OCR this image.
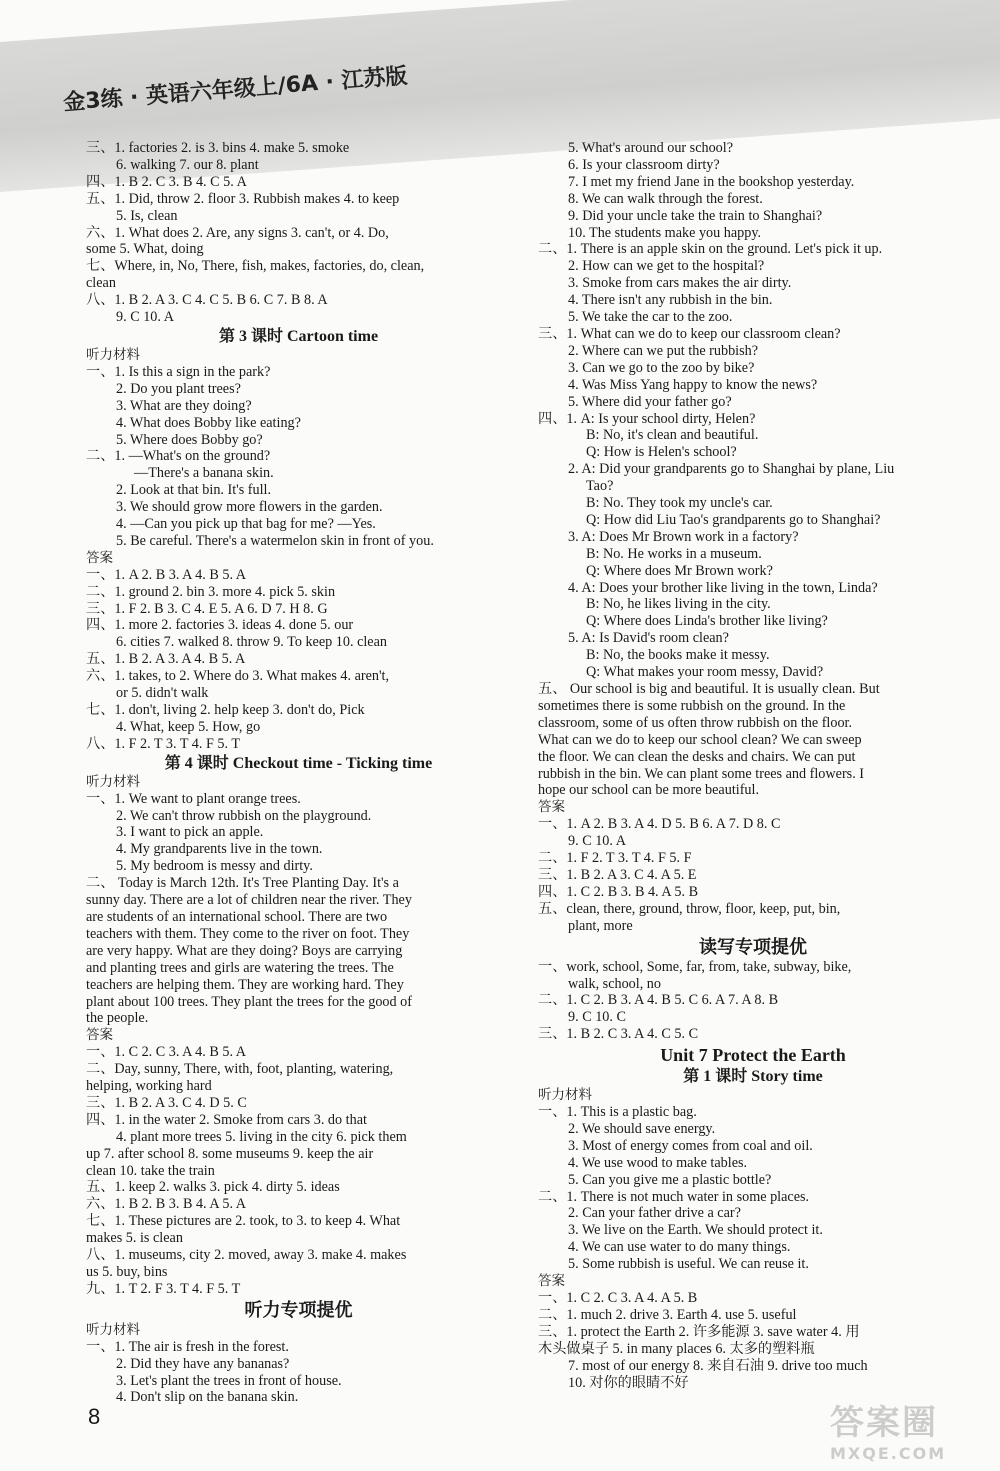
金3练 · 英语六年级上/6A · 江苏版
三、1. factories 2. is 3. bins 4. make 5. smoke
6. walking 7. our 8. plant
四、1. B 2. C 3. B 4. C 5. A
五、1. Did, throw 2. floor 3. Rubbish makes 4. to keep
5. Is, clean
六、1. What does 2. Are, any signs 3. can't, or 4. Do,
some 5. What, doing
七、Where, in, No, There, fish, makes, factories, do, clean,
clean
八、1. B 2. A 3. C 4. C 5. B 6. C 7. B 8. A
9. C 10. A
第 3 课时 Cartoon time
听力材料
一、1. Is this a sign in the park?
2. Do you plant trees?
3. What are they doing?
4. What does Bobby like eating?
5. Where does Bobby go?
二、1. —What's on the ground?
—There's a banana skin.
2. Look at that bin. It's full.
3. We should grow more flowers in the garden.
4. —Can you pick up that bag for me? —Yes.
5. Be careful. There's a watermelon skin in front of you.
答案
一、1. A 2. B 3. A 4. B 5. A
二、1. ground 2. bin 3. more 4. pick 5. skin
三、1. F 2. B 3. C 4. E 5. A 6. D 7. H 8. G
四、1. more 2. factories 3. ideas 4. done 5. our
6. cities 7. walked 8. throw 9. To keep 10. clean
五、1. B 2. A 3. A 4. B 5. A
六、1. takes, to 2. Where do 3. What makes 4. aren't,
or 5. didn't walk
七、1. don't, living 2. help keep 3. don't do, Pick
4. What, keep 5. How, go
八、1. F 2. T 3. T 4. F 5. T
第 4 课时 Checkout time - Ticking time
听力材料
一、1. We want to plant orange trees.
2. We can't throw rubbish on the playground.
3. I want to pick an apple.
4. My grandparents live in the town.
5. My bedroom is messy and dirty.
二、 Today is March 12th. It's Tree Planting Day. It's a
sunny day. There are a lot of children near the river. They
are students of an international school. There are two
teachers with them. They come to the river on foot. They
are very happy. What are they doing? Boys are carrying
and planting trees and girls are watering the trees. The
teachers are helping them. They are working hard. They
plant about 100 trees. They plant the trees for the good of
the people.
答案
一、1. C 2. C 3. A 4. B 5. A
二、Day, sunny, There, with, foot, planting, watering,
helping, working hard
三、1. B 2. A 3. C 4. D 5. C
四、1. in the water 2. Smoke from cars 3. do that
4. plant more trees 5. living in the city 6. pick them
up 7. after school 8. some museums 9. keep the air
clean 10. take the train
五、1. keep 2. walks 3. pick 4. dirty 5. ideas
六、1. B 2. B 3. B 4. A 5. A
七、1. These pictures are 2. took, to 3. to keep 4. What
makes 5. is clean
八、1. museums, city 2. moved, away 3. make 4. makes
us 5. buy, bins
九、1. T 2. F 3. T 4. F 5. T
听力专项提优
听力材料
一、1. The air is fresh in the forest.
2. Did they have any bananas?
3. Let's plant the trees in front of house.
4. Don't slip on the banana skin.
5. What's around our school?
6. Is your classroom dirty?
7. I met my friend Jane in the bookshop yesterday.
8. We can walk through the forest.
9. Did your uncle take the train to Shanghai?
10. The students make you happy.
二、1. There is an apple skin on the ground. Let's pick it up.
2. How can we get to the hospital?
3. Smoke from cars makes the air dirty.
4. There isn't any rubbish in the bin.
5. We take the car to the zoo.
三、1. What can we do to keep our classroom clean?
2. Where can we put the rubbish?
3. Can we go to the zoo by bike?
4. Was Miss Yang happy to know the news?
5. Where did your father go?
四、1. A: Is your school dirty, Helen?
B: No, it's clean and beautiful.
Q: How is Helen's school?
2. A: Did your grandparents go to Shanghai by plane, Liu
Tao?
B: No. They took my uncle's car.
Q: How did Liu Tao's grandparents go to Shanghai?
3. A: Does Mr Brown work in a factory?
B: No. He works in a museum.
Q: Where does Mr Brown work?
4. A: Does your brother like living in the town, Linda?
B: No, he likes living in the city.
Q: Where does Linda's brother like living?
5. A: Is David's room clean?
B: No, the books make it messy.
Q: What makes your room messy, David?
五、 Our school is big and beautiful. It is usually clean. But
sometimes there is some rubbish on the ground. In the
classroom, some of us often throw rubbish on the floor.
What can we do to keep our school clean? We can sweep
the floor. We can clean the desks and chairs. We can put
rubbish in the bin. We can plant some trees and flowers. I
hope our school can be more beautiful.
答案
一、1. A 2. B 3. A 4. D 5. B 6. A 7. D 8. C
9. C 10. A
二、1. F 2. T 3. T 4. F 5. F
三、1. B 2. A 3. C 4. A 5. E
四、1. C 2. B 3. B 4. A 5. B
五、clean, there, ground, throw, floor, keep, put, bin,
plant, more
读写专项提优
一、work, school, Some, far, from, take, subway, bike,
walk, school, no
二、1. C 2. B 3. A 4. B 5. C 6. A 7. A 8. B
9. C 10. C
三、1. B 2. C 3. A 4. C 5. C
Unit 7 Protect the Earth
第 1 课时 Story time
听力材料
一、1. This is a plastic bag.
2. We should save energy.
3. Most of energy comes from coal and oil.
4. We use wood to make tables.
5. Can you give me a plastic bottle?
二、1. There is not much water in some places.
2. Can your father drive a car?
3. We live on the Earth. We should protect it.
4. We can use water to do many things.
5. Some rubbish is useful. We can reuse it.
答案
一、1. C 2. C 3. A 4. A 5. B
二、1. much 2. drive 3. Earth 4. use 5. useful
三、1. protect the Earth 2. 许多能源 3. save water 4. 用
木头做桌子 5. in many places 6. 太多的塑料瓶
7. most of our energy 8. 来自石油 9. drive too much
10. 对你的眼睛不好
8	答案圈
MXQE.COM
